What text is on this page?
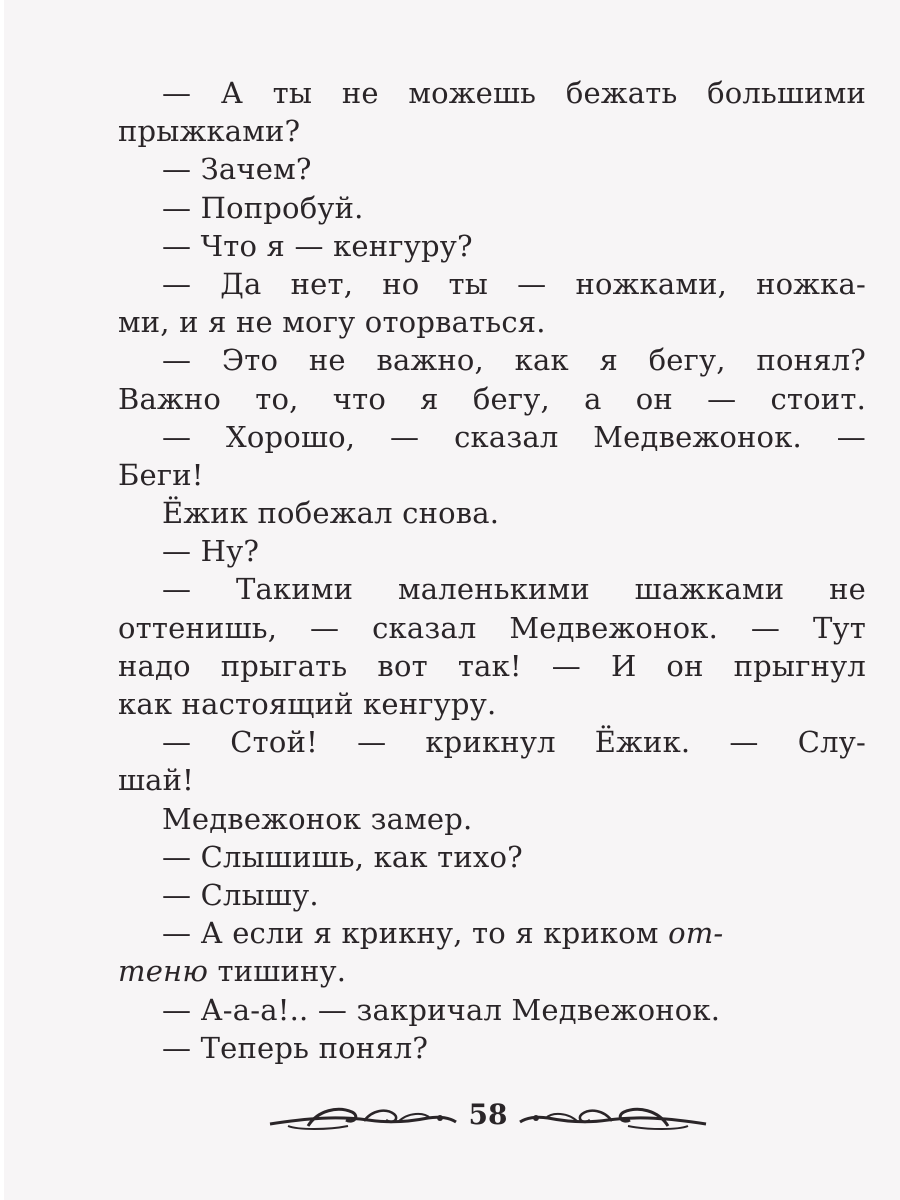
— А ты не можешь бежать большими
прыжками?
— Зачем?
— Попробуй.
— Что я — кенгуру?
— Да нет, но ты — ножками, ножка-
ми, и я не могу оторваться.
— Это не важно, как я бегу, понял?
Важно то, что я бегу, а он — стоит.
— Хорошо, — сказал Медвежонок. —
Беги!
Ёжик побежал снова.
— Ну?
— Такими маленькими шажками не
оттенишь, — сказал Медвежонок. — Тут
надо прыгать вот так! — И он прыгнул
как настоящий кенгуру.
— Стой! — крикнул Ёжик. — Слу-
шай!
Медвежонок замер.
— Слышишь, как тихо?
— Слышу.
— А если я крикну, то я криком от-
теню тишину.
— А-а-а!.. — закричал Медвежонок.
— Теперь понял?
58
